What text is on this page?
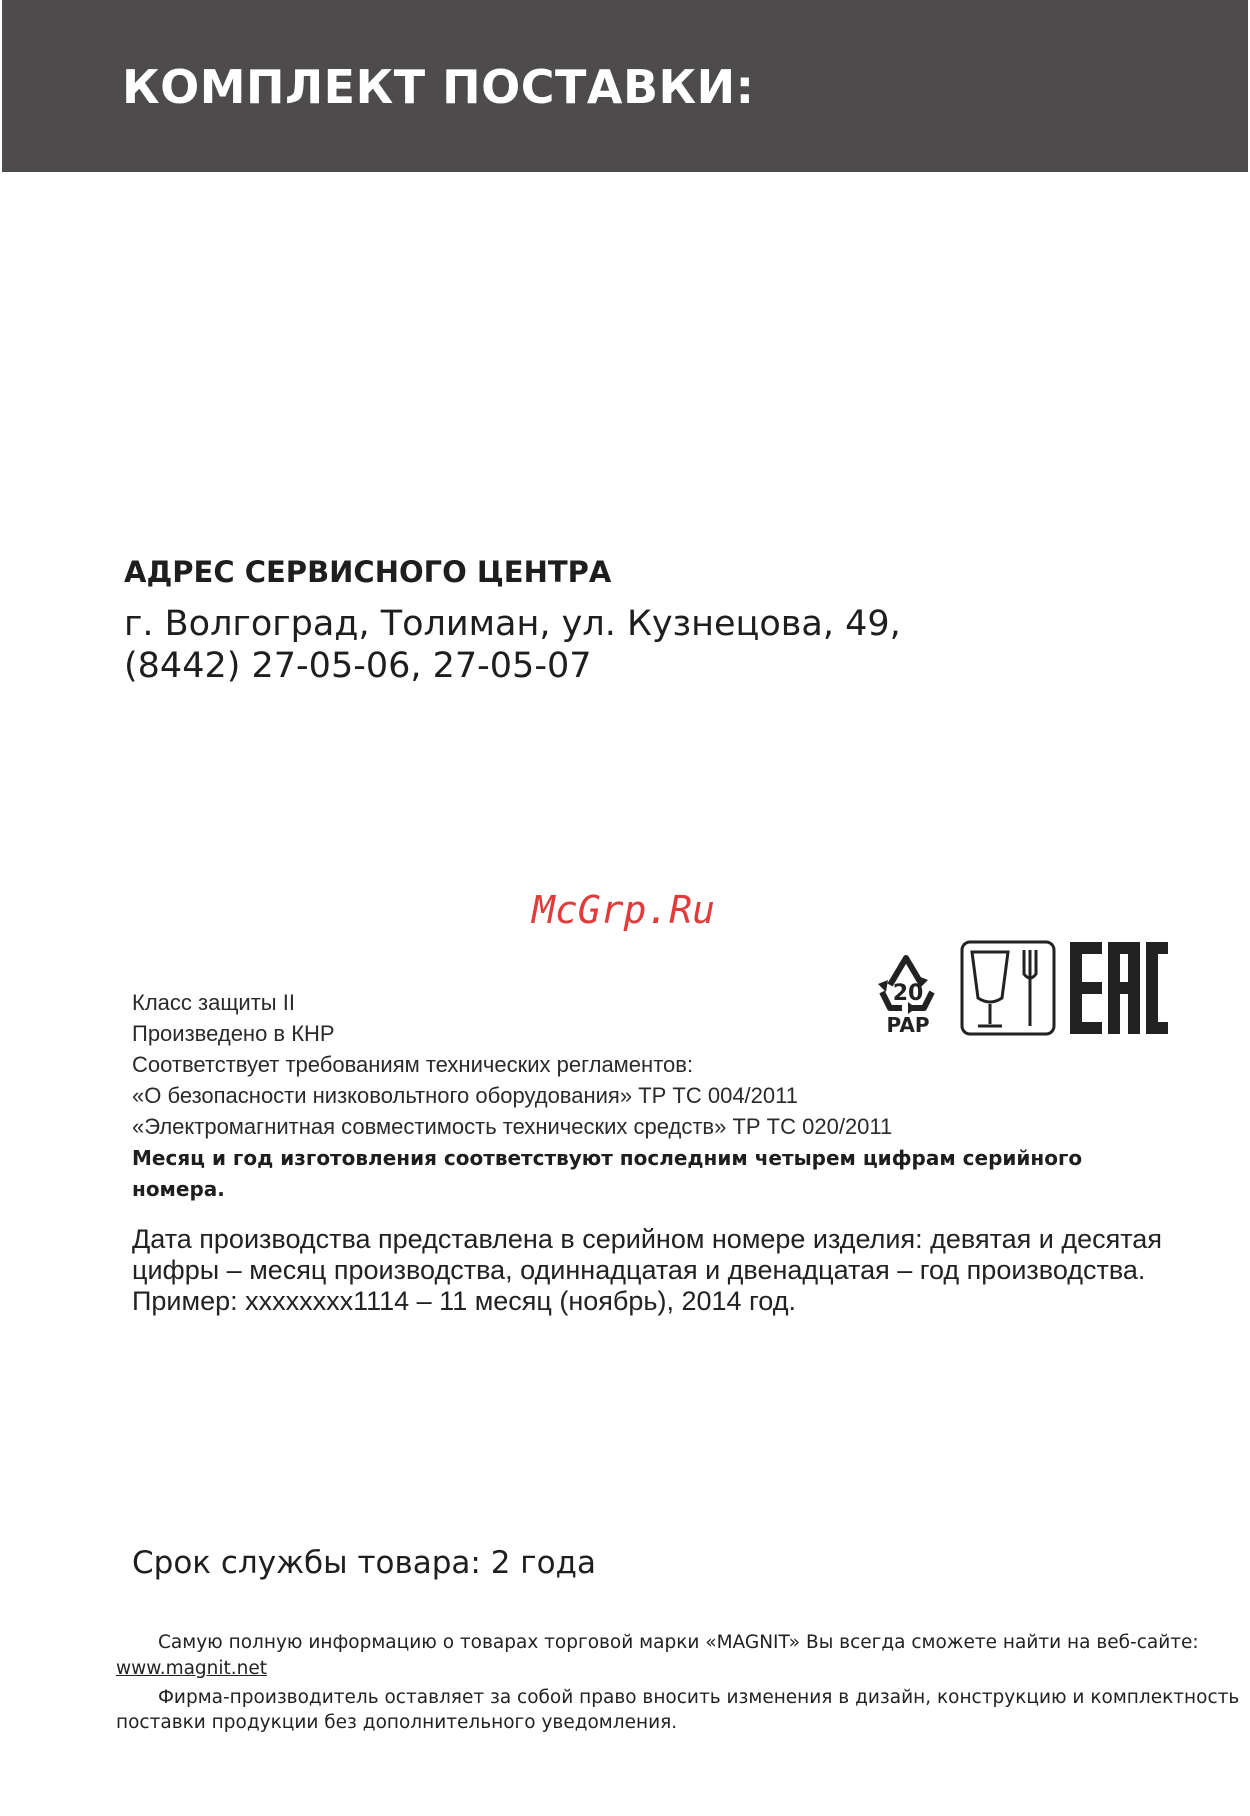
КОМПЛЕКТ ПОСТАВКИ:
АДРЕС СЕРВИСНОГО ЦЕНТРА
г. Волгоград, Толиман, ул. Кузнецова, 49,
(8442) 27-05-06, 27-05-07
McGrp.Ru
20
PAP
Класс защиты II
Произведено в КНР
Соответствует требованиям технических регламентов:
«О безопасности низковольтного оборудования» ТР ТС 004/2011
«Электромагнитная совместимость технических средств» ТР ТС 020/2011
Месяц и год изготовления соответствуют последним четырем цифрам серийного
номера.
Дата производства представлена в серийном номере изделия: девятая и десятая
цифры – месяц производства, одиннадцатая и двенадцатая – год производства.
Пример: xxxxxxxx1114 – 11 месяц (ноябрь), 2014 год.
Срок службы товара: 2 года
Самую полную информацию о товарах торговой марки «MAGNIT» Вы всегда сможете найти на веб-сайте:
www.magnit.net
Фирма-производитель оставляет за собой право вносить изменения в дизайн, конструкцию и комплектность
поставки продукции без дополнительного уведомления.
